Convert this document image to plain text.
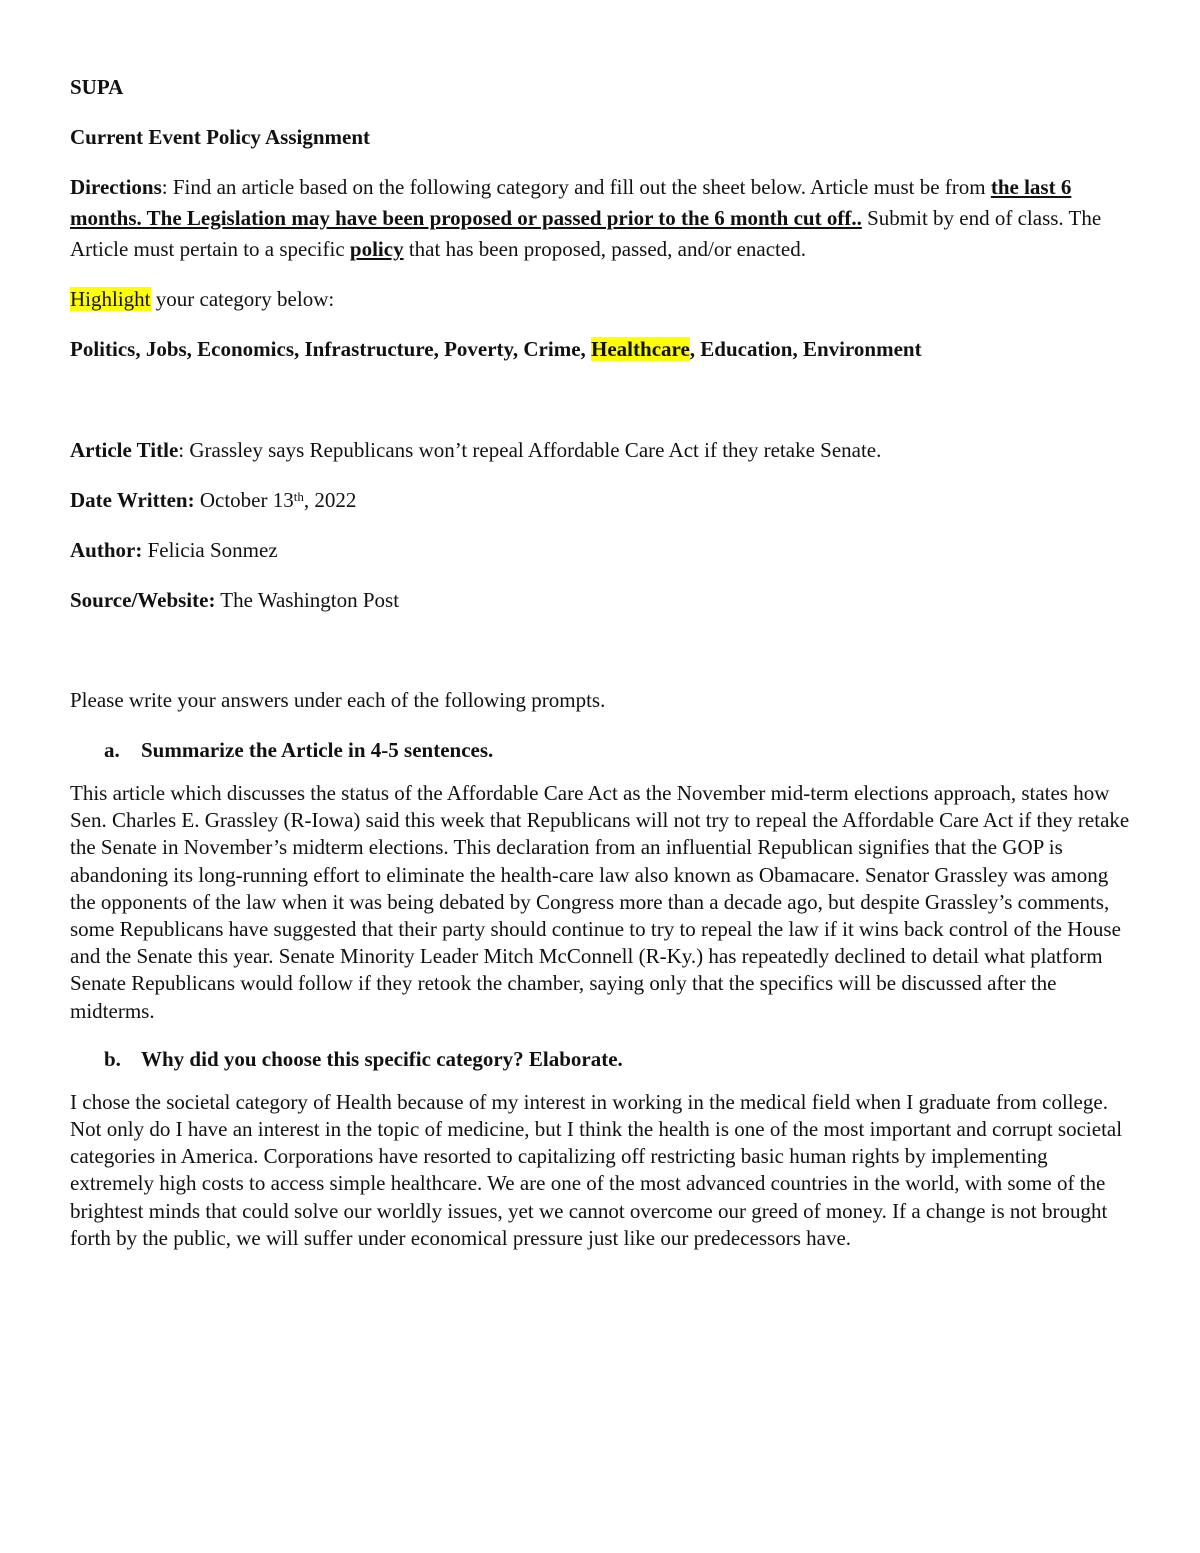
SUPA

Current Event Policy Assignment

Directions: Find an article based on the following category and fill out the sheet below. Article must be from the last 6 months. The Legislation may have been proposed or passed prior to the 6 month cut off.. Submit by end of class. The Article must pertain to a specific policy that has been proposed, passed, and/or enacted.

Highlight your category below:

Politics, Jobs, Economics, Infrastructure, Poverty, Crime, Healthcare, Education, Environment

Article Title: Grassley says Republicans won’t repeal Affordable Care Act if they retake Senate.

Date Written: October 13th, 2022

Author: Felicia Sonmez

Source/Website: The Washington Post

Please write your answers under each of the following prompts.

a.	Summarize the Article in 4-5 sentences.

This article which discusses the status of the Affordable Care Act as the November mid-term elections approach, states how Sen. Charles E. Grassley (R-Iowa) said this week that Republicans will not try to repeal the Affordable Care Act if they retake the Senate in November’s midterm elections. This declaration from an influential Republican signifies that the GOP is abandoning its long-running effort to eliminate the health-care law also known as Obamacare. Senator Grassley was among the opponents of the law when it was being debated by Congress more than a decade ago, but despite Grassley’s comments, some Republicans have suggested that their party should continue to try to repeal the law if it wins back control of the House and the Senate this year. Senate Minority Leader Mitch McConnell (R-Ky.) has repeatedly declined to detail what platform Senate Republicans would follow if they retook the chamber, saying only that the specifics will be discussed after the midterms.

b. Why did you choose this specific category? Elaborate.

I chose the societal category of Health because of my interest in working in the medical field when I graduate from college. Not only do I have an interest in the topic of medicine, but I think the health is one of the most important and corrupt societal categories in America. Corporations have resorted to capitalizing off restricting basic human rights by implementing extremely high costs to access simple healthcare. We are one of the most advanced countries in the world, with some of the brightest minds that could solve our worldly issues, yet we cannot overcome our greed of money. If a change is not brought forth by the public, we will suffer under economical pressure just like our predecessors have.
